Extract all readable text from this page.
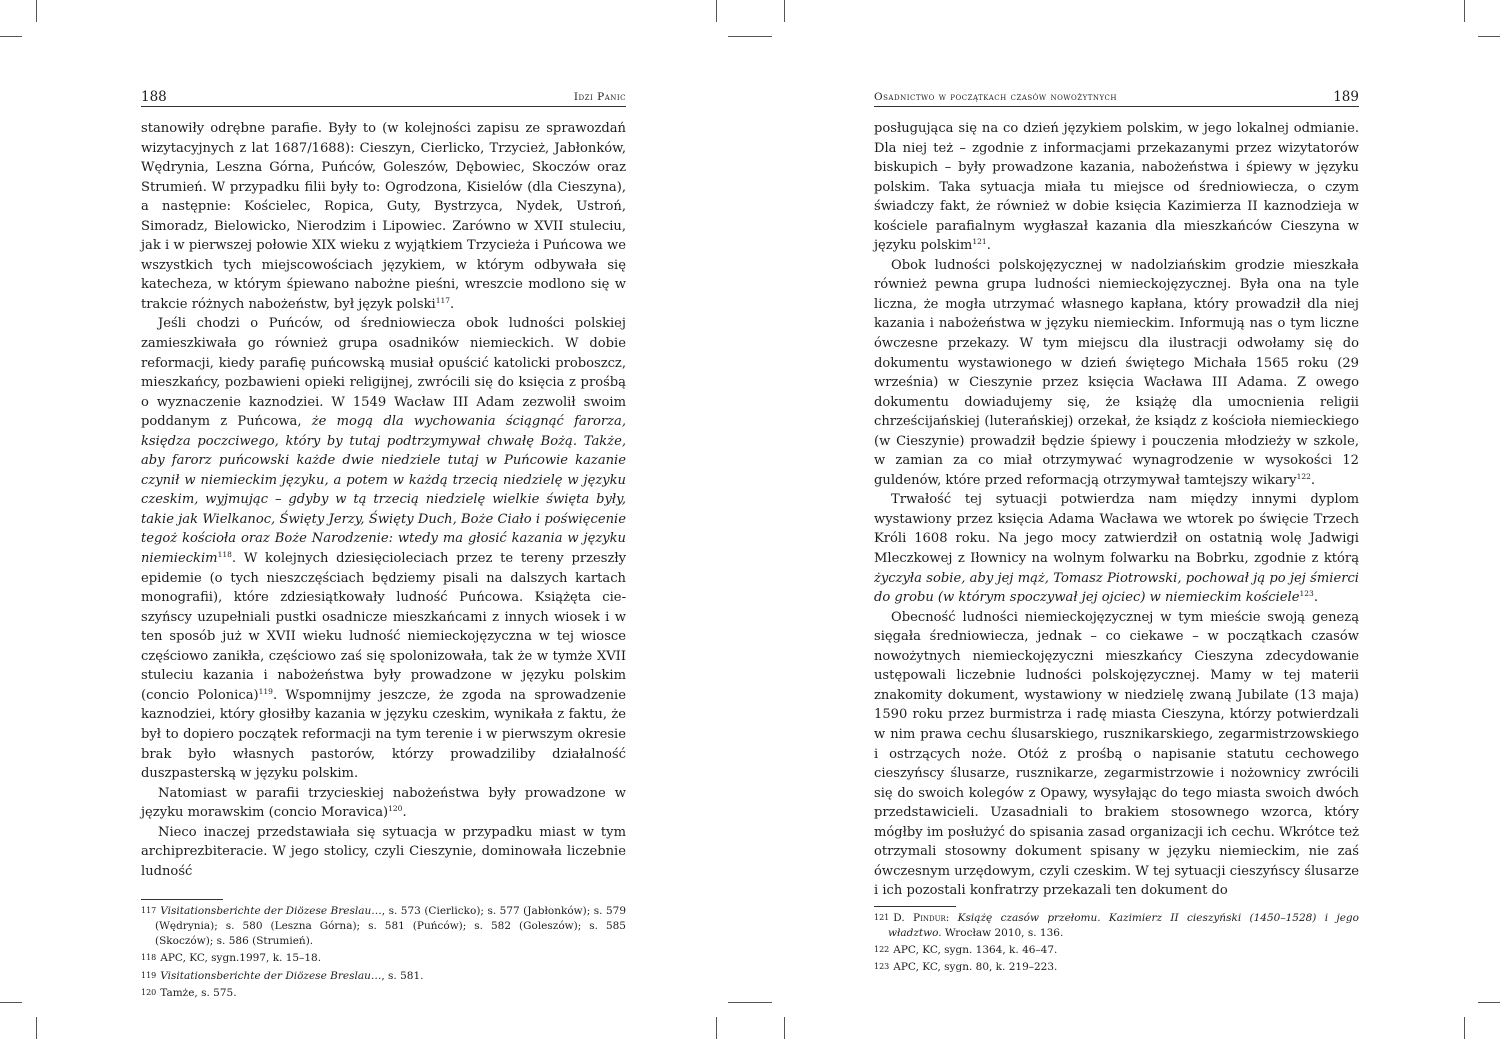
188	Idzi Panic

stanowiły odrębne parafie. Były to (w kolejności zapisu ze sprawozdań wizytacyjnych z lat 1687/1688): Cieszyn, Cierlicko, Trzycież, Jabłonków, Wędrynia, Leszna Górna, Puńców, Goleszów, Dębowiec, Skoczów oraz Strumień. W przypadku filii były to: Ogrodzona, Kisielów (dla Cieszyna), a następnie: Kościelec, Ropica, Guty, Bystrzyca, Nydek, Ustroń, Simoradz, Bielowicko, Nierodzim i Lipowiec. Zarówno w XVII stuleciu, jak i w pierwszej połowie XIX wieku z wyjątkiem Trzycieża i Puńcowa we wszystkich tych miejscowościach językiem, w którym odbywała się katecheza, w którym śpiewano nabożne pieśni, wreszcie modlono się w trakcie różnych nabożeństw, był język polski$^{117}$.

Jeśli chodzi o Puńców, od średniowiecza obok ludności polskiej zamieszkiwała go również grupa osadników niemieckich. W dobie reformacji, kiedy parafię puńcowską musiał opuścić katolicki proboszcz, mieszkańcy, pozbawieni opieki religijnej, zwrócili się do księcia z prośbą o wyznaczenie kaznodziei. W 1549 Wacław III Adam zezwolił swoim poddanym z Puńcowa, że mogą dla wychowania ściągnąć farorza, księdza poczciwego, który by tutaj podtrzymywał chwałę Bożą. Także, aby farorz puńcowski każde dwie niedziele tutaj w Puńcowie kazanie czynił w niemieckim języku, a potem w każdą trzecią niedzielę w języku czeskim, wyjmując – gdyby w tą trzecią niedzielę wielkie święta były, takie jak Wielkanoc, Święty Jerzy, Święty Duch, Boże Ciało i poświęcenie tegoż kościoła oraz Boże Narodzenie: wtedy ma głosić kazania w języku niemieckim$^{118}$. W kolejnych dziesięcioleciach przez te tereny przeszły epidemie (o tych nieszczęściach będziemy pisali na dalszych kartach monografii), które zdziesiątkowały ludność Puńcowa. Książęta cieszyńscy uzupełniali pustki osadnicze mieszkańcami z innych wiosek i w ten sposób już w XVII wieku ludność niemieckojęzyczna w tej wiosce częściowo zanikła, częściowo zaś się spolonizowała, tak że w tymże XVII stuleciu kazania i nabożeństwa były prowadzone w języku polskim (concio Polonica)$^{119}$. Wspomnijmy jeszcze, że zgoda na sprowadzenie kaznodziei, który głosiłby kazania w języku czeskim, wynikała z faktu, że był to dopiero początek reformacji na tym terenie i w pierwszym okresie brak było własnych pastorów, którzy prowadziliby działalność duszpasterską w języku polskim.

Natomiast w parafii trzycieskiej nabożeństwa były prowadzone w języku morawskim (concio Moravica)$^{120}$.

Nieco inaczej przedstawiała się sytuacja w przypadku miast w tym archiprezbiteracie. W jego stolicy, czyli Cieszynie, dominowała liczebnie ludność

117 Visitationsberichte der Diözese Breslau…, s. 573 (Cierlicko); s. 577 (Jabłonków); s. 579 (Wędrynia); s. 580 (Leszna Górna); s. 581 (Puńców); s. 582 (Goleszów); s. 585 (Skoczów); s. 586 (Strumień).
118 APC, KC, sygn.1997, k. 15–18.
119 Visitationsberichte der Diözese Breslau…, s. 581.
120 Tamże, s. 575.
Osadnictwo w początkach czasów nowożytnych	189

posługująca się na co dzień językiem polskim, w jego lokalnej odmianie. Dla niej też – zgodnie z informacjami przekazanymi przez wizytatorów biskupich – były prowadzone kazania, nabożeństwa i śpiewy w języku polskim. Taka sytuacja miała tu miejsce od średniowiecza, o czym świadczy fakt, że również w dobie księcia Kazimierza II kaznodzieja w kościele parafialnym wygłaszał kazania dla mieszkańców Cieszyna w języku polskim$^{121}$.

Obok ludności polskojęzycznej w nadolziańskim grodzie mieszkała również pewna grupa ludności niemieckojęzycznej. Była ona na tyle liczna, że mogła utrzymać własnego kapłana, który prowadził dla niej kazania i nabożeństwa w języku niemieckim. Informują nas o tym liczne ówczesne przekazy. W tym miejscu dla ilustracji odwołamy się do dokumentu wystawionego w dzień świętego Michała 1565 roku (29 września) w Cieszynie przez księcia Wacława III Adama. Z owego dokumentu dowiadujemy się, że książę dla umocnienia religii chrześcijańskiej (luterańskiej) orzekał, że ksiądz z kościoła niemieckiego (w Cieszynie) prowadził będzie śpiewy i pouczenia młodzieży w szkole, w zamian za co miał otrzymywać wynagrodzenie w wysokości 12 guldenów, które przed reformacją otrzymywał tamtejszy wikary$^{122}$.

Trwałość tej sytuacji potwierdza nam między innymi dyplom wystawiony przez księcia Adama Wacława we wtorek po święcie Trzech Króli 1608 roku. Na jego mocy zatwierdził on ostatnią wolę Jadwigi Mleczkowej z Iłownicy na wolnym folwarku na Bobrku, zgodnie z którą życzyła sobie, aby jej mąż, Tomasz Piotrowski, pochował ją po jej śmierci do grobu (w którym spoczywał jej ojciec) w niemieckim kościele$^{123}$.

Obecność ludności niemieckojęzycznej w tym mieście swoją genezą sięgała średniowiecza, jednak – co ciekawe – w początkach czasów nowożytnych niemieckojęzyczni mieszkańcy Cieszyna zdecydowanie ustępowali liczebnie ludności polskojęzycznej. Mamy w tej materii znakomity dokument, wystawiony w niedzielę zwaną Jubilate (13 maja) 1590 roku przez burmistrza i radę miasta Cieszyna, którzy potwierdzali w nim prawa cechu ślusarskiego, rusznikarskiego, zegarmistrzowskiego i ostrzących noże. Otóż z prośbą o napisanie statutu cechowego cieszyńscy ślusarze, rusznikarze, zegarmistrzowie i nożownicy zwrócili się do swoich kolegów z Opawy, wysyłając do tego miasta swoich dwóch przedstawicieli. Uzasadniali to brakiem stosownego wzorca, który mógłby im posłużyć do spisania zasad organizacji ich cechu. Wkrótce też otrzymali stosowny dokument spisany w języku niemieckim, nie zaś ówczesnym urzędowym, czyli czeskim. W tej sytuacji cieszyńscy ślusarze i ich pozostali konfratrzy przekazali ten dokument do

121 D. Pindur: Książę czasów przełomu. Kazimierz II cieszyński (1450–1528) i jego władztwo. Wrocław 2010, s. 136.
122 APC, KC, sygn. 1364, k. 46–47.
123 APC, KC, sygn. 80, k. 219–223.
